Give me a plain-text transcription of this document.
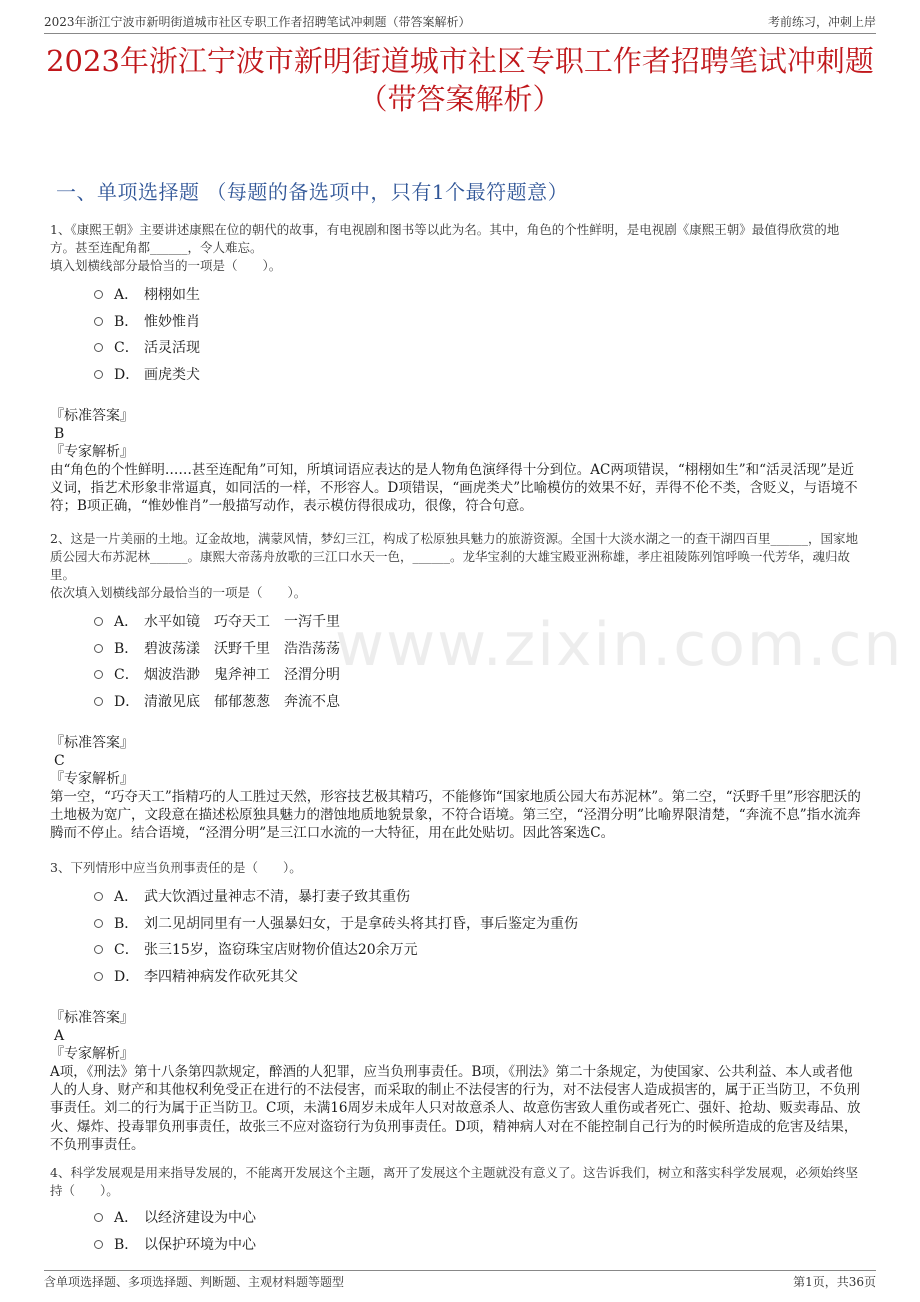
2023年浙江宁波市新明街道城市社区专职工作者招聘笔试冲刺题（带答案解析）	考前练习，冲刺上岸
2023年浙江宁波市新明街道城市社区专职工作者招聘笔试冲刺题（带答案解析）
一、单项选择题 （每题的备选项中，只有1个最符题意）
www.zixin.com.cn
1、《康熙王朝》主要讲述康熙在位的朝代的故事，有电视剧和图书等以此为名。其中，角色的个性鲜明，是电视剧《康熙王朝》最值得欣赏的地方。甚至连配角都______，令人难忘。
填入划横线部分最恰当的一项是（　　）。
A． 栩栩如生
B． 惟妙惟肖
C． 活灵活现
D． 画虎类犬
『标准答案』
B
『专家解析』
由“角色的个性鲜明……甚至连配角”可知，所填词语应表达的是人物角色演绎得十分到位。AC两项错误，“栩栩如生”和“活灵活现”是近义词，指艺术形象非常逼真，如同活的一样，不形容人。D项错误，“画虎类犬”比喻模仿的效果不好，弄得不伦不类，含贬义，与语境不符；B项正确，“惟妙惟肖”一般描写动作，表示模仿得很成功，很像，符合句意。
2、这是一片美丽的土地。辽金故地，满蒙风情，梦幻三江，构成了松原独具魅力的旅游资源。全国十大淡水湖之一的查干湖四百里______，国家地质公园大布苏泥林______。康熙大帝荡舟放歌的三江口水天一色，______。龙华宝刹的大雄宝殿亚洲称雄，孝庄祖陵陈列馆呼唤一代芳华，魂归故里。
依次填入划横线部分最恰当的一项是（　　）。
A． 水平如镜　巧夺天工　一泻千里
B． 碧波荡漾　沃野千里　浩浩荡荡
C． 烟波浩渺　鬼斧神工　泾渭分明
D． 清澈见底　郁郁葱葱　奔流不息
『标准答案』
C
『专家解析』
第一空，“巧夺天工”指精巧的人工胜过天然，形容技艺极其精巧，不能修饰“国家地质公园大布苏泥林”。第二空，“沃野千里”形容肥沃的土地极为宽广，文段意在描述松原独具魅力的潜蚀地质地貌景象，不符合语境。第三空，“泾渭分明”比喻界限清楚，“奔流不息”指水流奔腾而不停止。结合语境，“泾渭分明”是三江口水流的一大特征，用在此处贴切。因此答案选C。
3、下列情形中应当负刑事责任的是（　　）。
A． 武大饮酒过量神志不清，暴打妻子致其重伤
B． 刘二见胡同里有一人强暴妇女，于是拿砖头将其打昏，事后鉴定为重伤
C． 张三15岁，盗窃珠宝店财物价值达20余万元
D． 李四精神病发作砍死其父
『标准答案』
A
『专家解析』
A项，《刑法》第十八条第四款规定，醉酒的人犯罪，应当负刑事责任。B项，《刑法》第二十条规定，为使国家、公共利益、本人或者他人的人身、财产和其他权利免受正在进行的不法侵害，而采取的制止不法侵害的行为，对不法侵害人造成损害的，属于正当防卫，不负刑事责任。刘二的行为属于正当防卫。C项，未满16周岁未成年人只对故意杀人、故意伤害致人重伤或者死亡、强奸、抢劫、贩卖毒品、放火、爆炸、投毒罪负刑事责任，故张三不应对盗窃行为负刑事责任。D项，精神病人对在不能控制自己行为的时候所造成的危害及结果，不负刑事责任。
4、科学发展观是用来指导发展的，不能离开发展这个主题，离开了发展这个主题就没有意义了。这告诉我们，树立和落实科学发展观，必须始终坚持（　　）。
A． 以经济建设为中心
B． 以保护环境为中心
含单项选择题、多项选择题、判断题、主观材料题等题型	第1页，共36页
